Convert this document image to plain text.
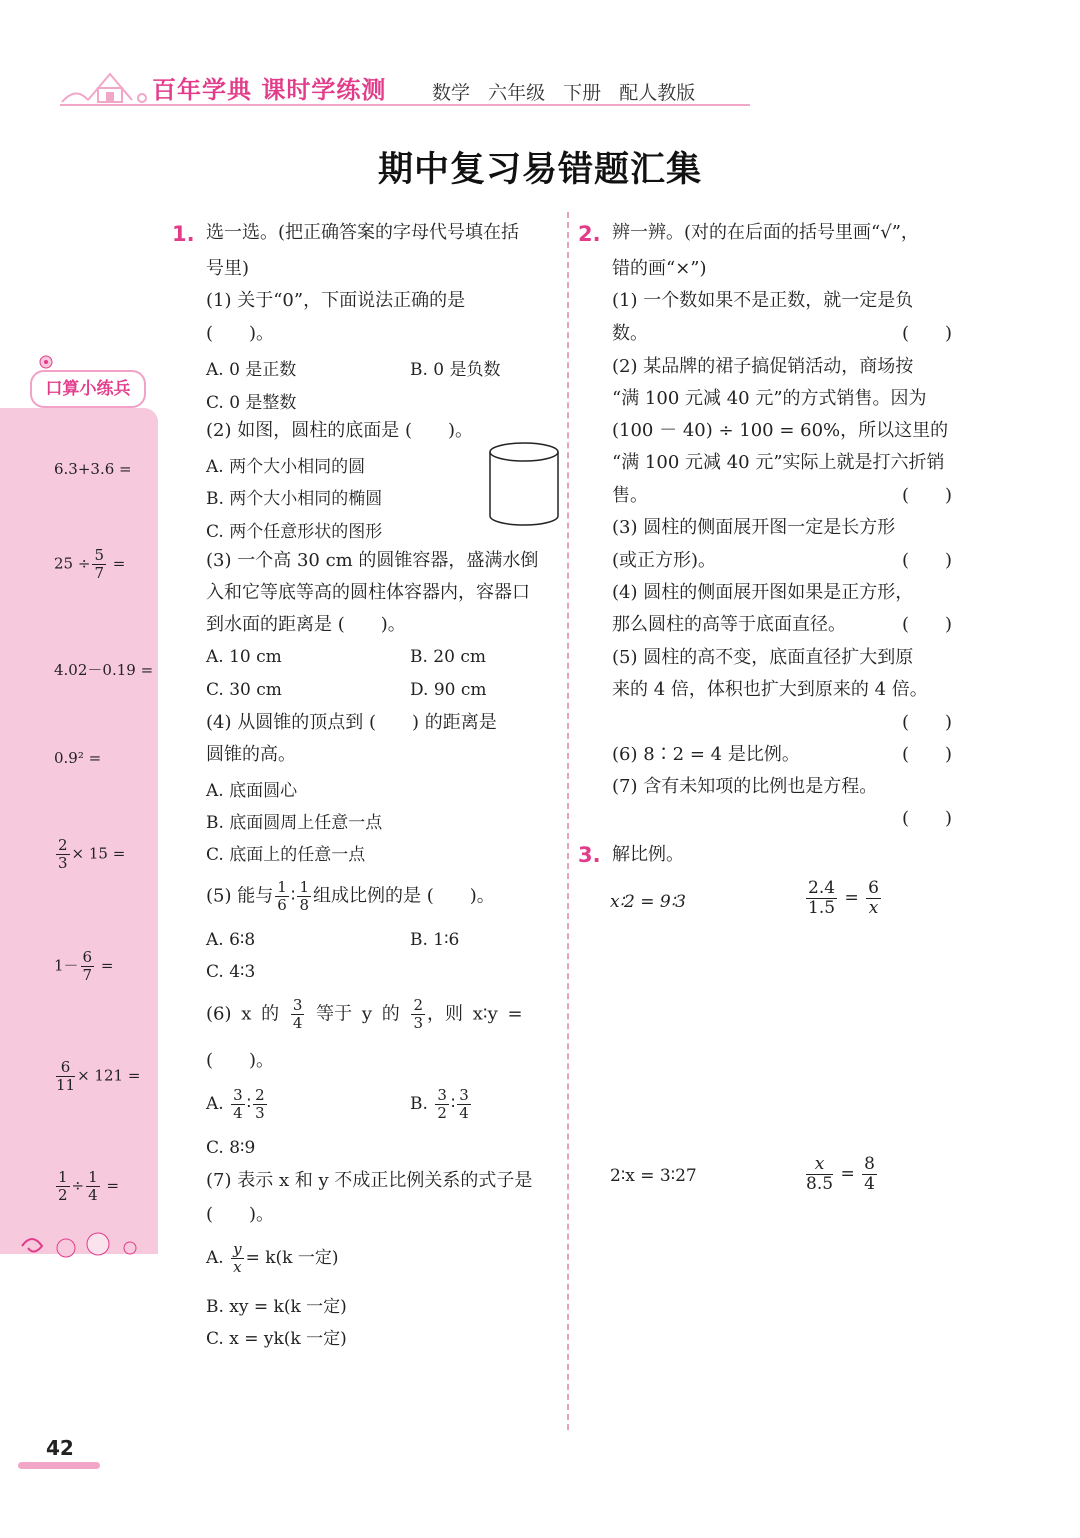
百年学典 课时学练测 数学 六年级 下册 配人教版
期中复习易错题汇集
口算小练兵
6.3+3.6 =
$25 \div \frac{5}{7}$ =
4.02－0.19 =
0.9² =
$\frac{2}{3} \times 15$ =
$1- \frac{6}{7}$ =
$\frac{6}{11} \times 121$ =
$\frac{1}{2} \div \frac{1}{4}$ =
1. 选一选。(把正确答案的字母代号填在括
号里)
(1) 关于“0”，下面说法正确的是
(　　)。
A. 0 是正数	B. 0 是负数
C. 0 是整数
(2) 如图，圆柱的底面是 (　　)。
A. 两个大小相同的圆
B. 两个大小相同的椭圆
C. 两个任意形状的图形
(3) 一个高 30 cm 的圆锥容器，盛满水倒
入和它等底等高的圆柱体容器内，容器口
到水面的距离是 (　　)。
A. 10 cm	B. 20 cm
C. 30 cm	D. 90 cm
(4) 从圆锥的顶点到 (　　) 的距离是
圆锥的高。
A. 底面圆心
B. 底面圆周上任意一点
C. 底面上的任意一点
(5) 能与 $\frac{1}{6}$ ∶ $\frac{1}{8}$ 组成比例的是 (　　)。
A. 6∶8	B. 1∶6
C. 4∶3
(6) x 的 $\frac{3}{4}$ 等于 y 的 $\frac{2}{3}$ ，则 x∶y =
(　　)。
A. $\frac{3}{4}$ ∶ $\frac{2}{3}$	B. $\frac{3}{2}$ ∶ $\frac{3}{4}$
C. 8∶9
(7) 表示 x 和 y 不成正比例关系的式子是
(　　)。
A. $\frac{y}{x} = k(k$ 一定)
B. xy = k(k 一定)
C. x = yk(k 一定)
2. 辨一辨。(对的在后面的括号里画“√”，
错的画“×”)
(1) 一个数如果不是正数，就一定是负
数。	(　　)
(2) 某品牌的裙子搞促销活动，商场按
“满 100 元减 40 元”的方式销售。因为
(100 － 40) ÷ 100 = 60%，所以这里的
“满 100 元减 40 元”实际上就是打六折销
售。	(　　)
(3) 圆柱的侧面展开图一定是长方形
(或正方形)。	(　　)
(4) 圆柱的侧面展开图如果是正方形，
那么圆柱的高等于底面直径。	(　　)
(5) 圆柱的高不变，底面直径扩大到原
来的 4 倍，体积也扩大到原来的 4 倍。
(　　)
(6) 8∶2 = 4 是比例。	(　　)
(7) 含有未知项的比例也是方程。
(　　)
3. 解比例。
x∶2 = 9∶3	$\frac{2.4}{1.5} = \frac{6}{x}$
2∶x = 3∶27	$\frac{x}{8.5} = \frac{8}{4}$
42
